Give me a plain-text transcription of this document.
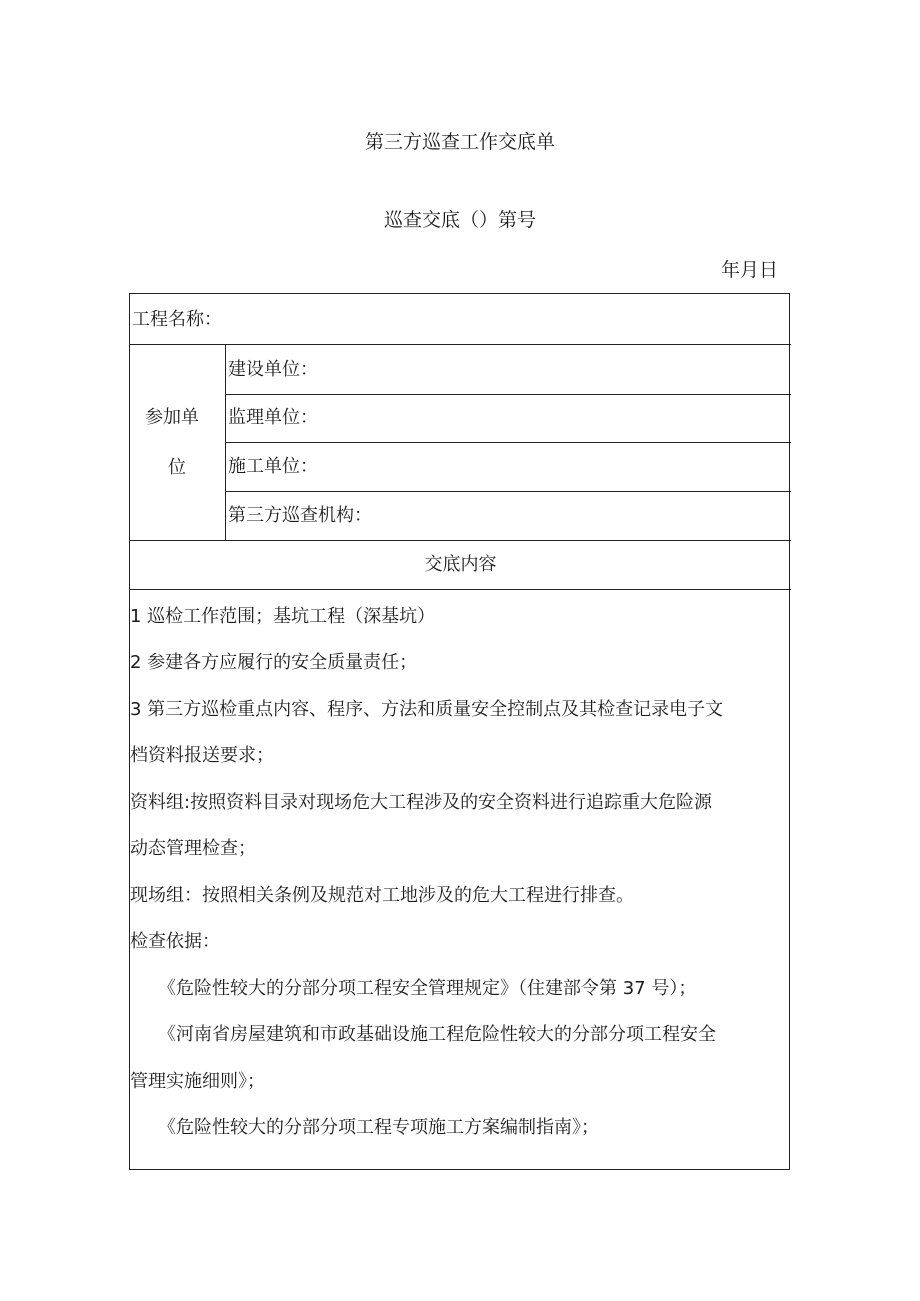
第三方巡查工作交底单
巡查交底（）第号
年月日
工程名称：
参加单
位
建设单位：
监理单位：
施工单位：
第三方巡查机构：
交底内容
1 巡检工作范围；基坑工程（深基坑）
2 参建各方应履行的安全质量责任；
3 第三方巡检重点内容、程序、方法和质量安全控制点及其检查记录电子文
档资料报送要求；
资料组:按照资料目录对现场危大工程涉及的安全资料进行追踪重大危险源
动态管理检查；
现场组：按照相关条例及规范对工地涉及的危大工程进行排查。
检查依据：
《危险性较大的分部分项工程安全管理规定》（住建部令第 37 号）；
《河南省房屋建筑和市政基础设施工程危险性较大的分部分项工程安全
管理实施细则》；
《危险性较大的分部分项工程专项施工方案编制指南》；
